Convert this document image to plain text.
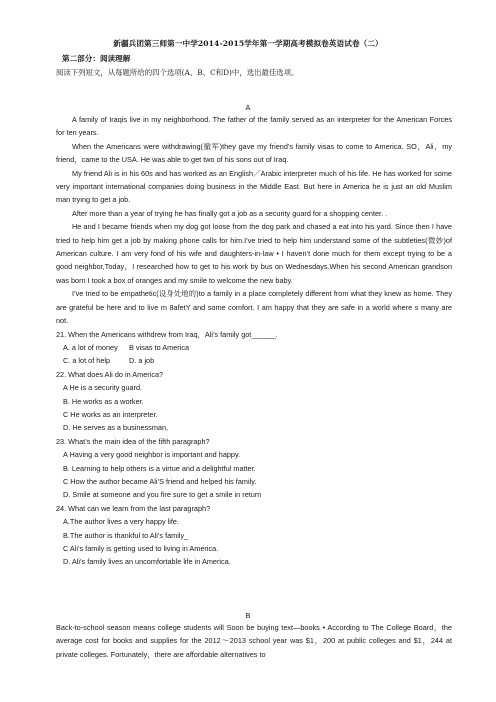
新疆兵团第三师第一中学2014-2015学年第一学期高考模拟卷英语试卷（二）
第二部分：阅读理解
阅读下列短文，从每题所给的四个选项(A、B、C和D)中，选出最佳选项。
A

A family of Iraqis live in my neighborhood. The father of the family served as an interpreter for the American Forces for ten years.

When the Americans were withdrawing(撤军)they gave my friend’s family visas to come to America. SO，Ali，my friend，came to the USA. He was able to get two of his sons out of Iraq.

My friend Ali is in his 60s and has worked as an English／Arabic interpreter much of his life. He has worked for some very important international companies doing business in the Middle East. But here in America he is just an old Muslim man trying to get a job.

After more than a year of trying he has finally got a job as a security guard for a shopping center. .

He and I became friends when my dog got loose from the dog park and chased a eat into his yard. Since then I have tried to help him get a job by making phone calls for him.I’ve tried to help him understand some of the subtleties(微妙)of American culture. I am very fond of his wife and daughters-in-law • I haven’t done much for them except trying to be a good neighbor,Today，I researched how to get to his work by bus on Wednesdays.When his second American grandson was born I took a box of oranges and my smile to welcome the new baby.

I’ve tried to be empathetic(设身处地的)to a family in a place completely different from what they knew as home. They are grateful be here and to live m 8afetY and some comfort. I am happy that they are safe in a world where s many are not.

21. When the Americans withdrew from Iraq，Ali’s family got______.

A. a lot of money B visas to America

C. a lot of help	D. a job

22. What does Ali do in America?

A He is a security guard.

B. He works as a worker.

C He works as an interpreter.

D. He serves as a businessman,

23. What’s the main idea of the fifth paragraph?

A Having a very good neighbor is important and happy.

B. Learning to help others is a virtue and a delightful matter.

C How the author became Ali’S friend and helped his family.

D. Smile at someone and you fire sure to get a smile in return

24. What can we learn from the last paragraph?

A.The author lives a very happy life.

B.The author is thankful to Ali’s family_

C Ali’s family is getting used to living in America.

D. Ali’s family lives an uncomfortable life in America.

B

Back-to-school season means college students will Soon be buying text—books • According to The College Board，the average cost for books and supplies for the 2012～2013 school year was $1，200 at public colleges and $1，244 at private colleges. Fortunately，there are affordable alternatives to
